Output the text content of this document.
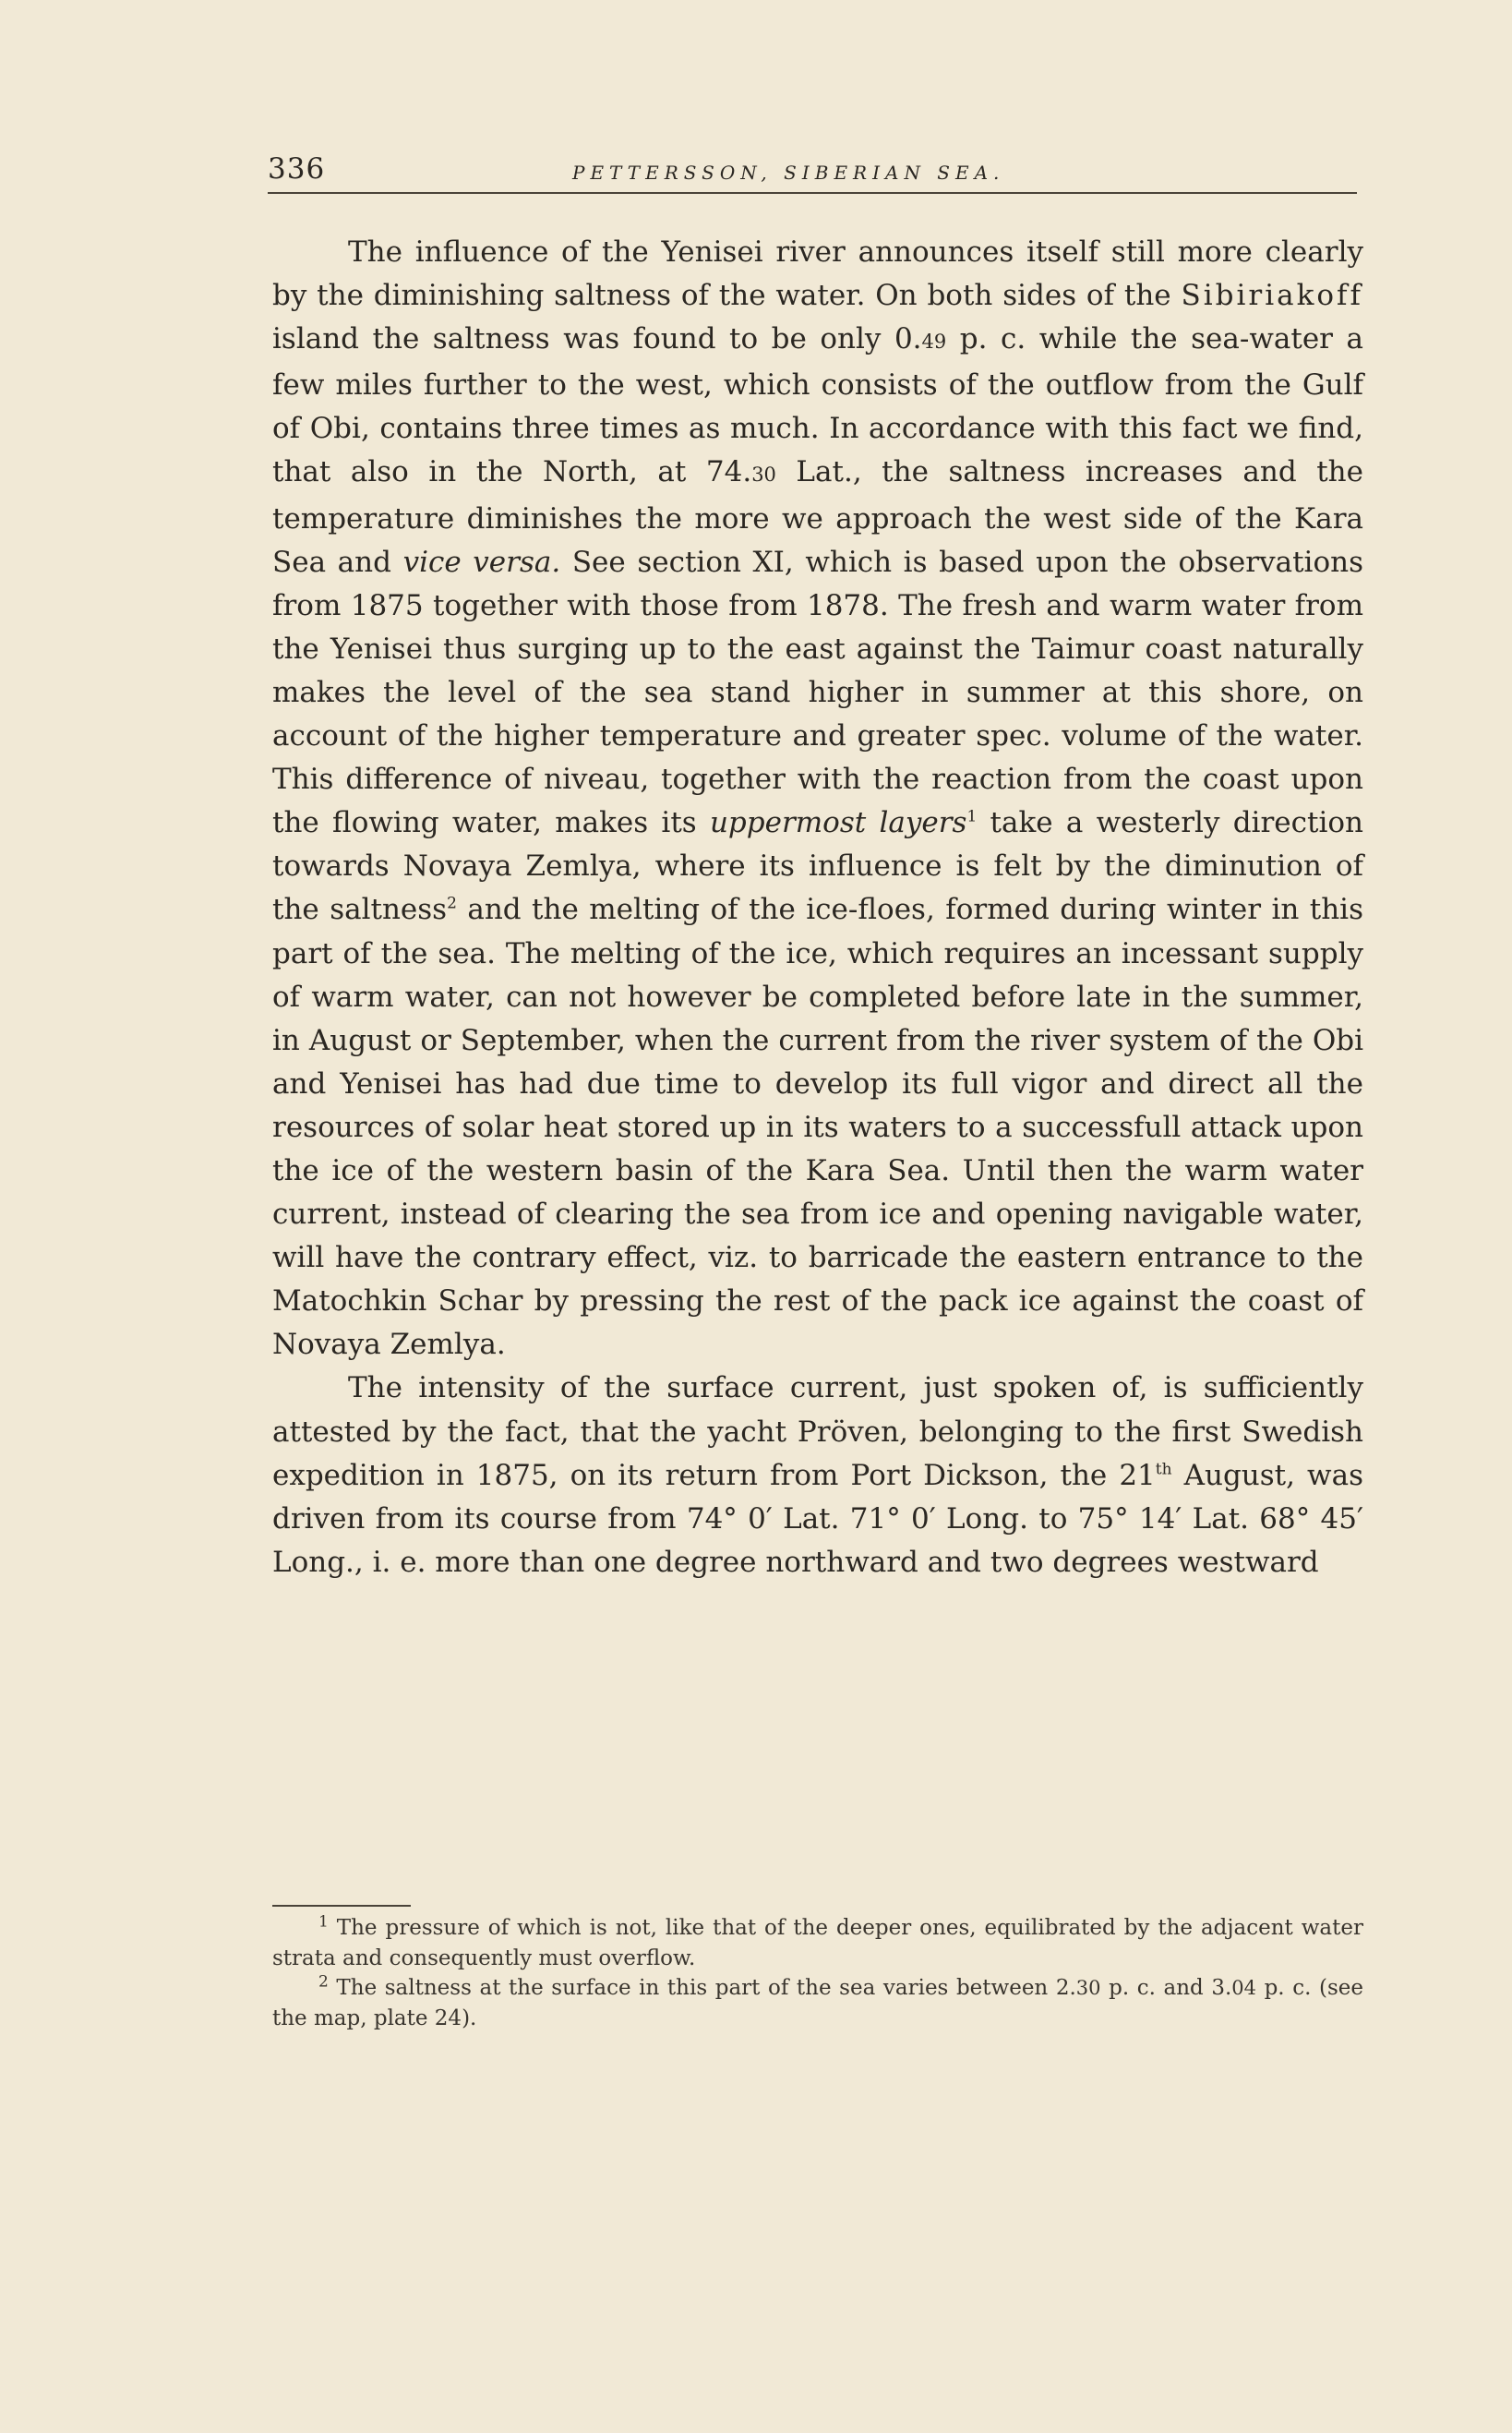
336	PETTERSSON, SIBERIAN SEA.

The influence of the Yenisei river announces itself still more clearly by the diminishing saltness of the water. On both sides of the Sibiriakoff island the saltness was found to be only 0.49 p. c. while the sea-water a few miles further to the west, which consists of the outflow from the Gulf of Obi, contains three times as much. In accordance with this fact we find, that also in the North, at 74.30 Lat., the saltness increases and the temperature diminishes the more we approach the west side of the Kara Sea and vice versa. See section XI, which is based upon the observations from 1875 together with those from 1878. The fresh and warm water from the Yenisei thus surging up to the east against the Taimur coast naturally makes the level of the sea stand higher in summer at this shore, on account of the higher temperature and greater spec. volume of the water. This difference of niveau, together with the reaction from the coast upon the flowing water, makes its uppermost layers$^1$ take a westerly direction towards Novaya Zemlya, where its influence is felt by the diminution of the saltness$^2$ and the melting of the ice-floes, formed during winter in this part of the sea. The melting of the ice, which requires an incessant supply of warm water, can not however be completed before late in the summer, in August or September, when the current from the river system of the Obi and Yenisei has had due time to develop its full vigor and direct all the resources of solar heat stored up in its waters to a successfull attack upon the ice of the western basin of the Kara Sea. Until then the warm water current, instead of clearing the sea from ice and opening navigable water, will have the contrary effect, viz. to barricade the eastern entrance to the Matochkin Schar by pressing the rest of the pack ice against the coast of Novaya Zemlya.

The intensity of the surface current, just spoken of, is sufficiently attested by the fact, that the yacht Pröven, belonging to the first Swedish expedition in 1875, on its return from Port Dickson, the 21th August, was driven from its course from 74° 0′ Lat. 71° 0′ Long. to 75° 14′ Lat. 68° 45′ Long., i. e. more than one degree northward and two degrees westward

$^1$ The pressure of which is not, like that of the deeper ones, equilibrated by the adjacent water strata and consequently must overflow.

$^2$ The saltness at the surface in this part of the sea varies between 2.30 p. c. and 3.04 p. c. (see the map, plate 24).
